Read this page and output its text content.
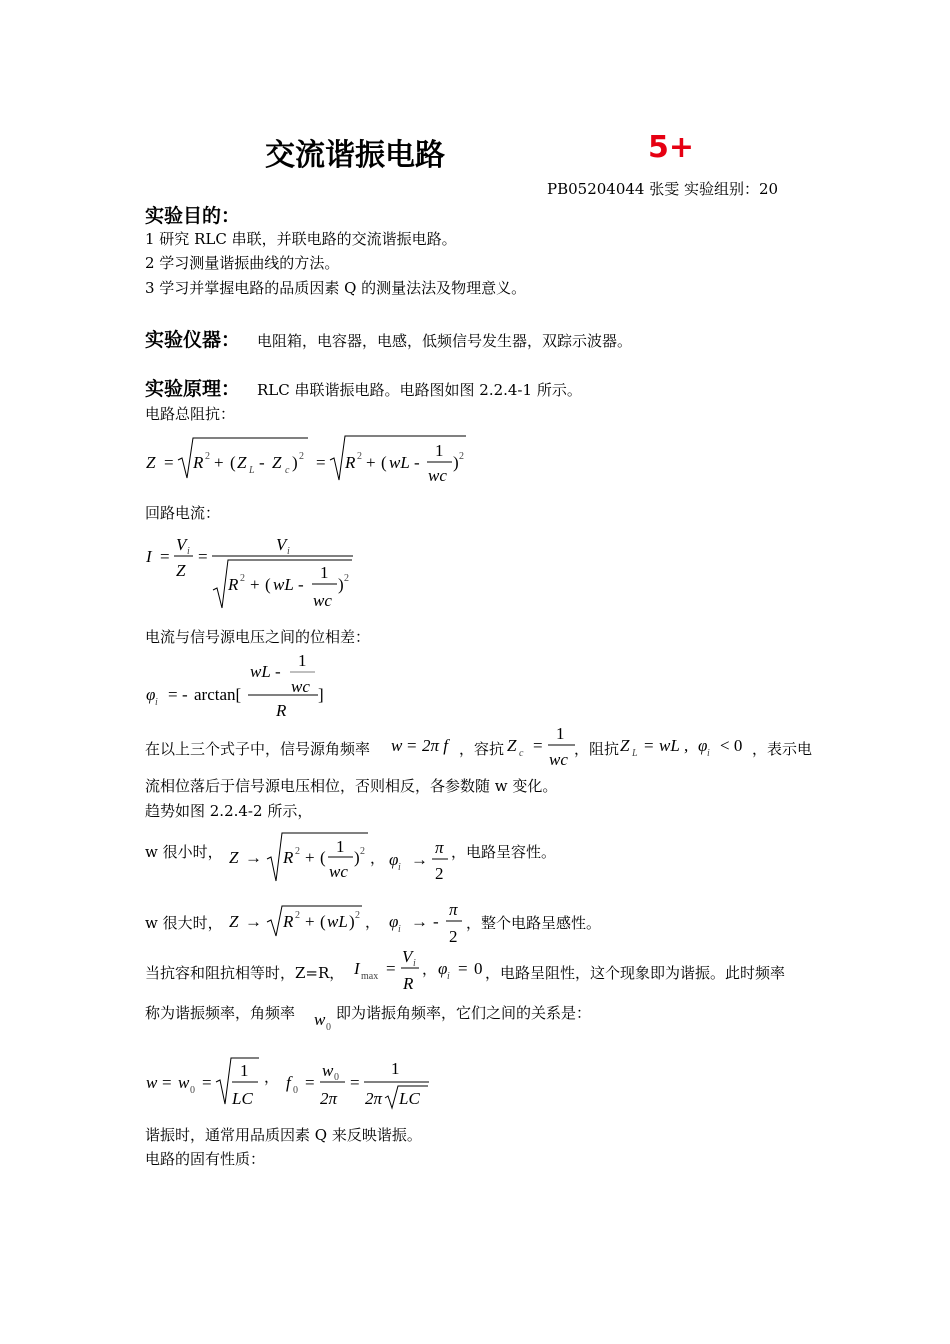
交流谐振电路	5+
PB05204044 张雯 实验组别：20
实验目的：
1 研究 RLC 串联，并联电路的交流谐振电路。
2 学习测量谐振曲线的方法。
3 学习并掌握电路的品质因素 Q 的测量法法及物理意义。
实验仪器： 电阻箱，电容器，电感，低频信号发生器，双踪示波器。
实验原理： RLC 串联谐振电路。电路图如图 2.2.4-1 所示。
电路总阻抗：
Z = R 2 + ( Z L - Z c ) 2 = R 2 + ( wL -
1
wc
) 2
回路电流：
I =
V i
Z
=
V i
R 2 + ( wL -
1
wc
) 2
电流与信号源电压之间的位相差：
φ i = - arctan[
wL -
1
wc
R
]
在以上三个式子中，信号源角频率 w = 2π f ，容抗 Z c =
1
wc
，阻抗 Z L = wL , φ i < 0 ，表示电
流相位落后于信号源电压相位，否则相反，各参数随 w 变化。
趋势如图 2.2.4-2 所示，
w 很小时， Z → R 2 + (
1
wc
) 2 ， φ i →
π
2
，电路呈容性。
w 很大时， Z → R 2 + ( wL ) 2 ， φ i → -
π
2
，整个电路呈感性。
当抗容和阻抗相等时，Z=R， I max =
V i
R
， φ i = 0 ，电路呈阻性，这个现象即为谐振。此时频率
称为谐振频率，角频率 w 0
即为谐振角频率，它们之间的关系是：
w = w 0 =
1
LC
， f 0 =
w 0
2π
=
1
2π LC
谐振时，通常用品质因素 Q 来反映谐振。
电路的固有性质：
